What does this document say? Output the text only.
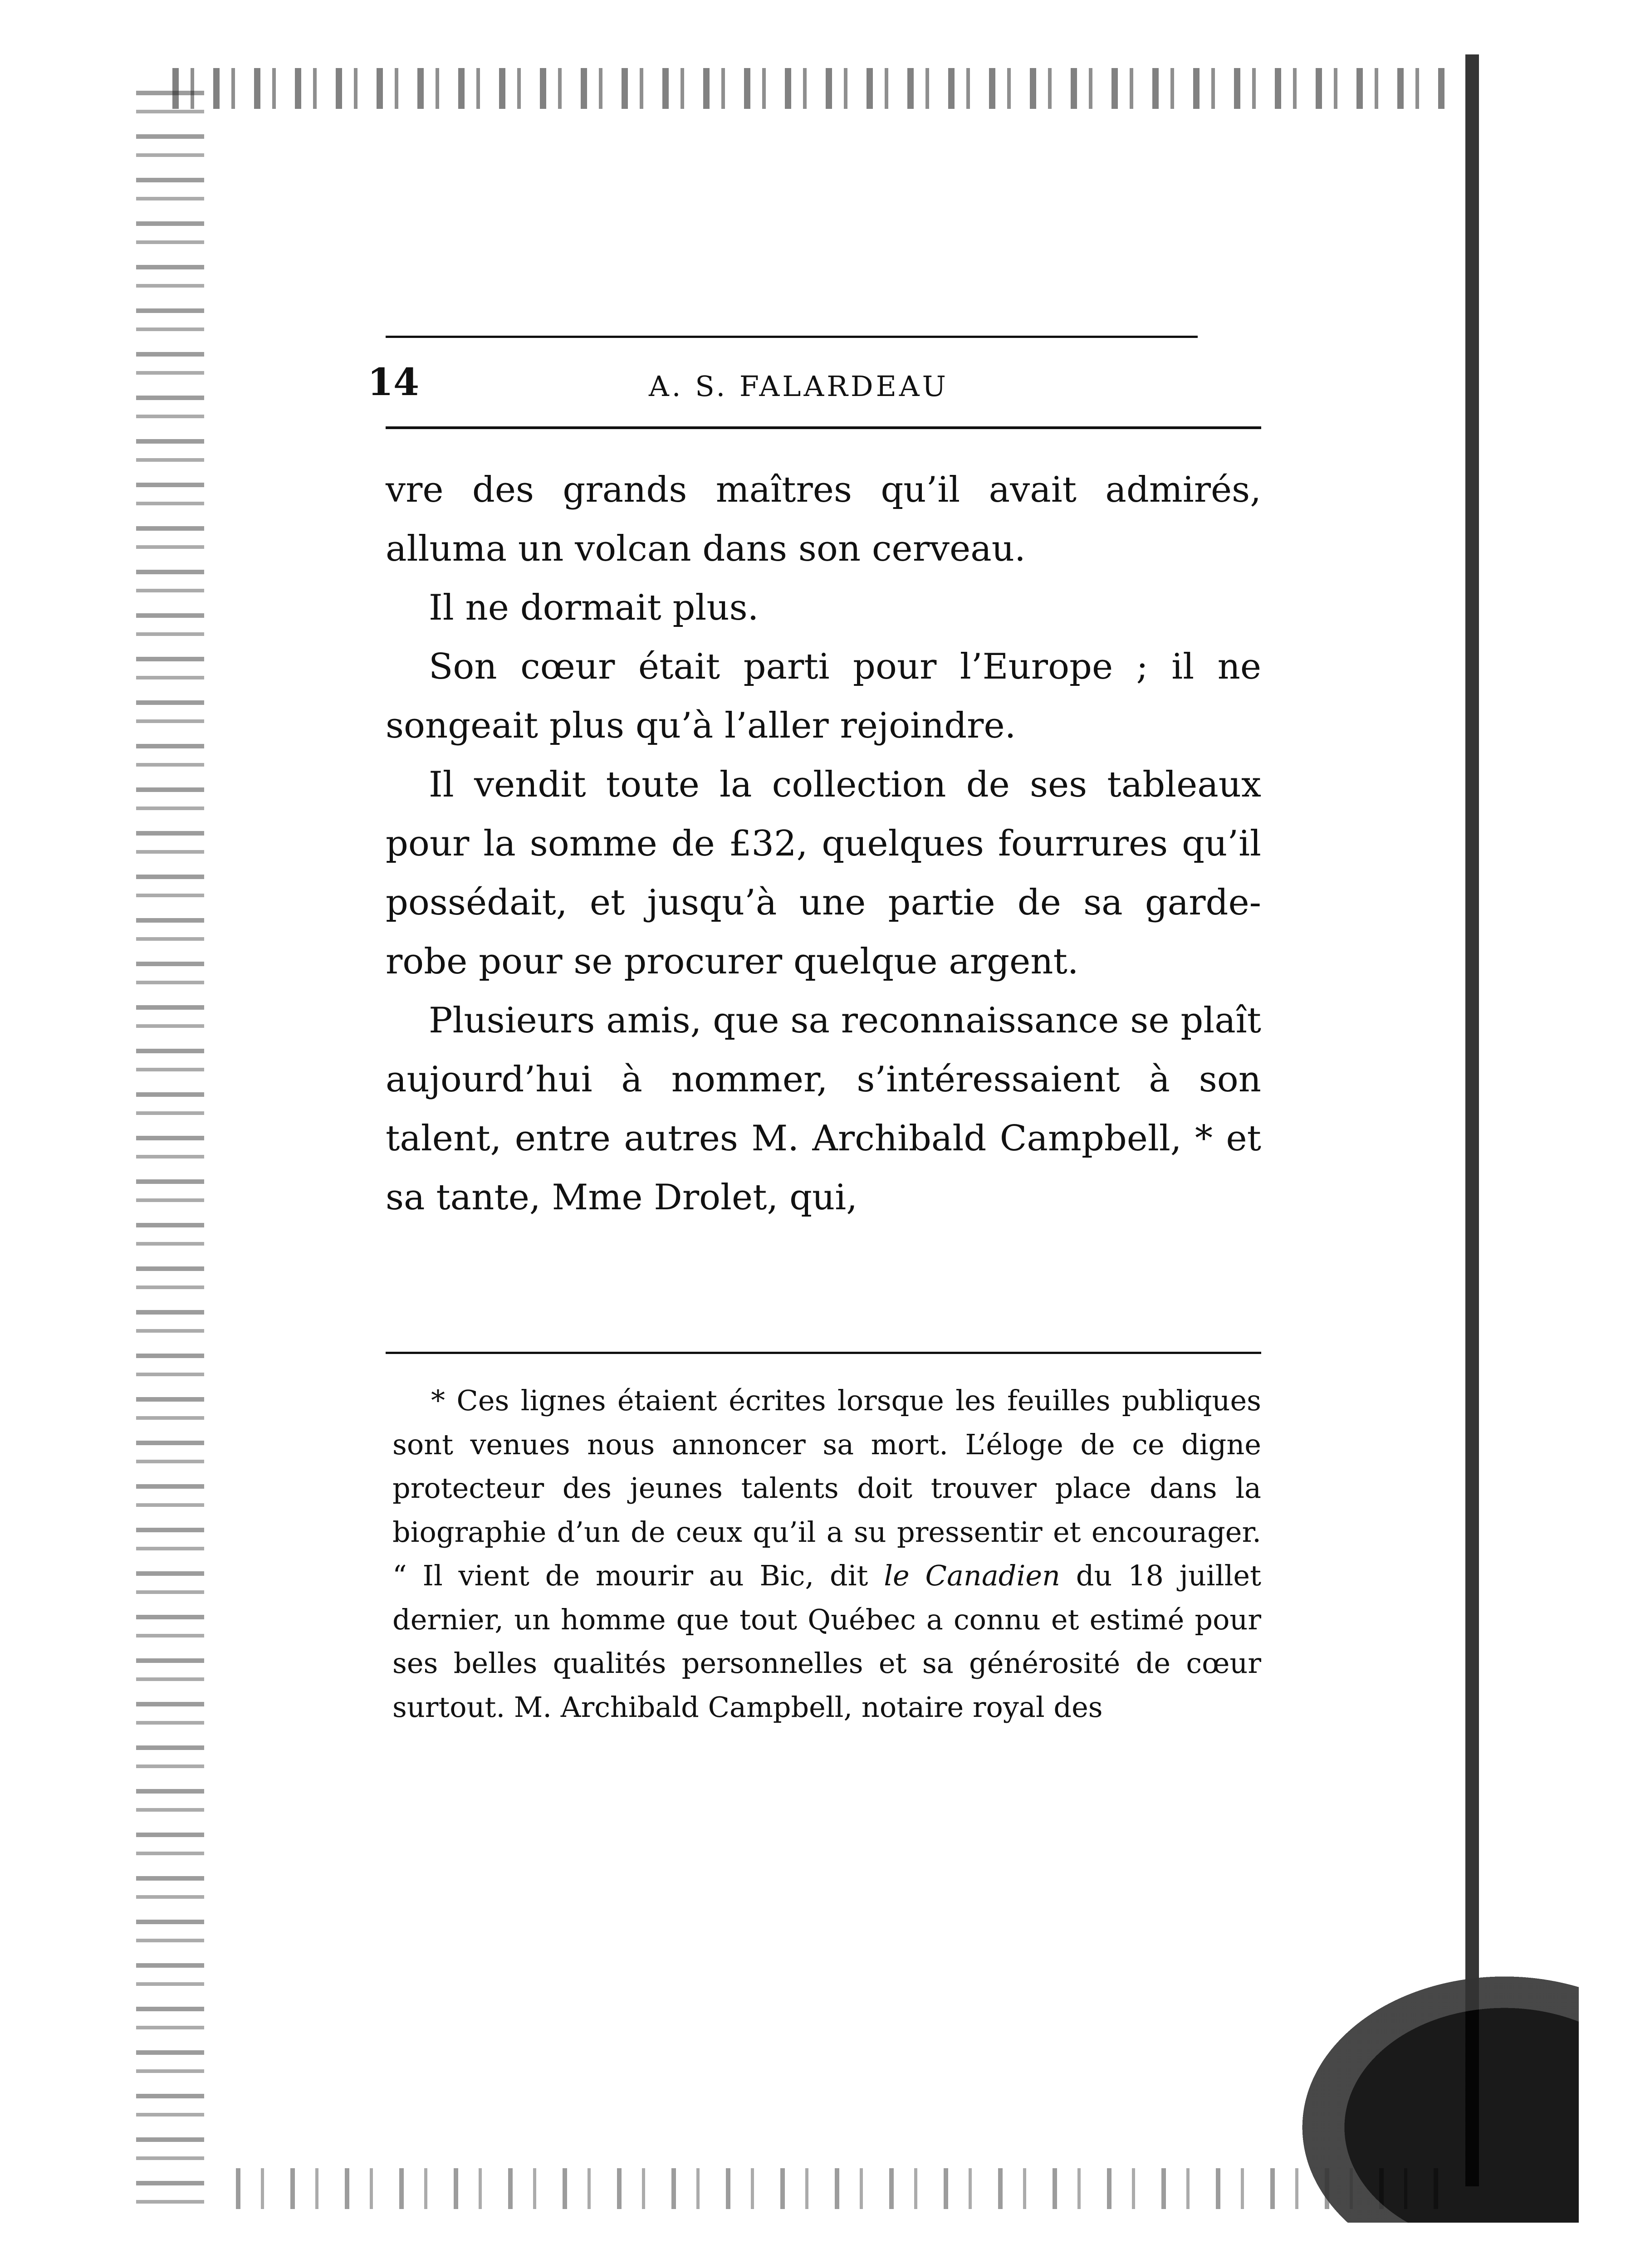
14	A. S. FALARDEAU

vre des grands maîtres qu’il avait admirés, alluma un volcan dans son cerveau.

Il ne dormait plus.

Son cœur était parti pour l’Europe ; il ne songeait plus qu’à l’aller rejoindre.

Il vendit toute la collection de ses tableaux pour la somme de £32, quelques fourrures qu’il possédait, et jusqu’à une partie de sa garde-robe pour se procurer quelque argent.

Plusieurs amis, que sa reconnaissance se plaît aujourd’hui à nommer, s’intéressaient à son talent, entre autres M. Archibald Campbell, * et sa tante, Mme Drolet, qui,

* Ces lignes étaient écrites lorsque les feuilles publiques sont venues nous annoncer sa mort. L’éloge de ce digne protecteur des jeunes talents doit trouver place dans la biographie d’un de ceux qu’il a su pressentir et encourager. “ Il vient de mourir au Bic, dit le Canadien du 18 juillet dernier, un homme que tout Québec a connu et estimé pour ses belles qualités personnelles et sa générosité de cœur surtout. M. Archibald Campbell, notaire royal des
